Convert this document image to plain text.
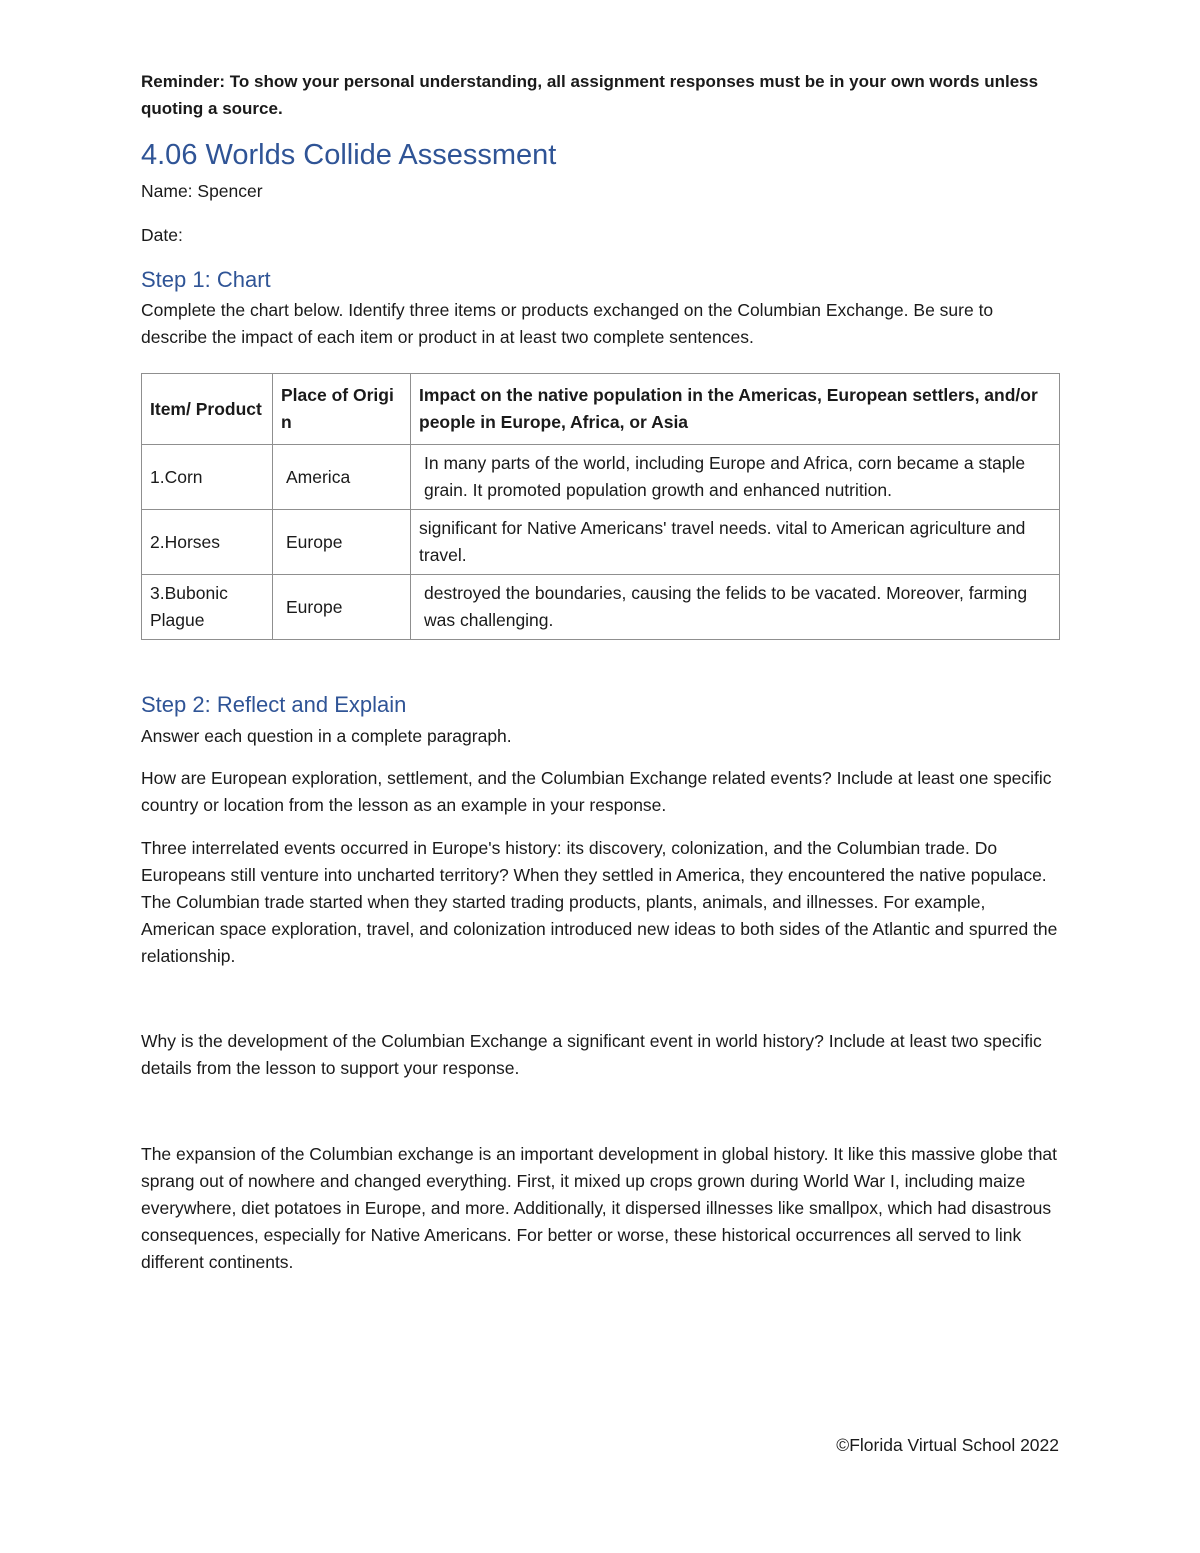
Reminder: To show your personal understanding, all assignment responses must be in your own words unless quoting a source.

4.06 Worlds Collide Assessment

Name: Spencer

Date:

Step 1: Chart

Complete the chart below. Identify three items or products exchanged on the Columbian Exchange. Be sure to describe the impact of each item or product in at least two complete sentences.

Item/ Product	Place of Origi n	Impact on the native population in the Americas, European settlers, and/or people in Europe, Africa, or Asia
1.Corn	America	In many parts of the world, including Europe and Africa, corn became a staple grain. It promoted population growth and enhanced nutrition.
2.Horses	Europe	significant for Native Americans' travel needs. vital to American agriculture and travel.
3.Bubonic Plague	Europe	destroyed the boundaries, causing the felids to be vacated. Moreover, farming was challenging.
Step 2: Reflect and Explain

Answer each question in a complete paragraph.

How are European exploration, settlement, and the Columbian Exchange related events? Include at least one specific country or location from the lesson as an example in your response.

Three interrelated events occurred in Europe's history: its discovery, colonization, and the Columbian trade. Do Europeans still venture into uncharted territory? When they settled in America, they encountered the native populace. The Columbian trade started when they started trading products, plants, animals, and illnesses. For example, American space exploration, travel, and colonization introduced new ideas to both sides of the Atlantic and spurred the relationship.

Why is the development of the Columbian Exchange a significant event in world history? Include at least two specific details from the lesson to support your response.

The expansion of the Columbian exchange is an important development in global history. It like this massive globe that sprang out of nowhere and changed everything. First, it mixed up crops grown during World War I, including maize everywhere, diet potatoes in Europe, and more. Additionally, it dispersed illnesses like smallpox, which had disastrous consequences, especially for Native Americans. For better or worse, these historical occurrences all served to link different continents.

©Florida Virtual School 2022
